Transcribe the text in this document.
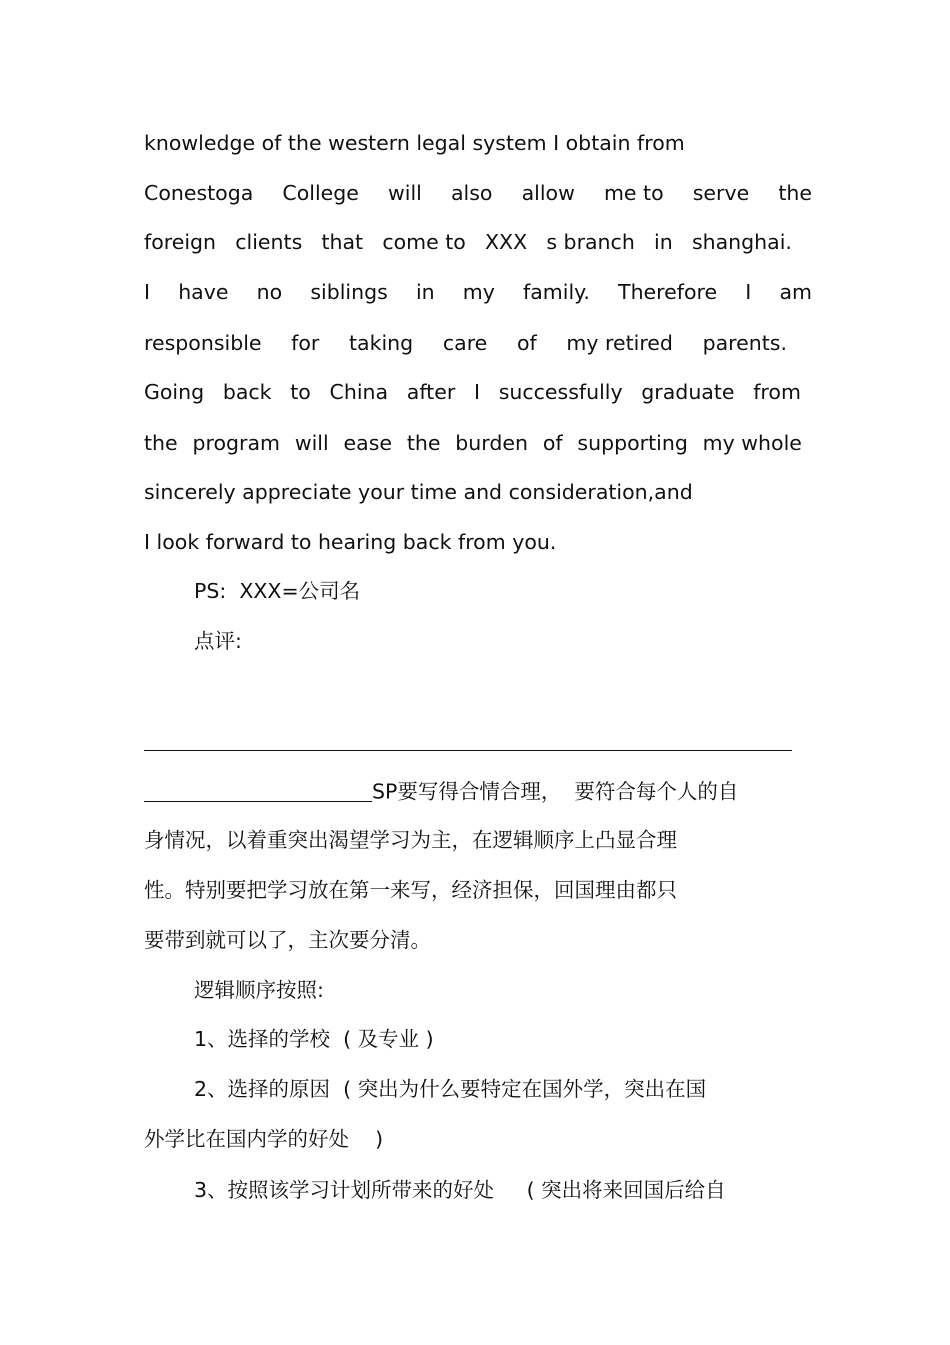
knowledge of the western legal system I obtain from
Conestoga College will also allow me to serve the
foreign clients that come to XXX s branch in shanghai.
I have no siblings in my family. Therefore I am
responsible for taking care of my retired parents.
Going back to China after I successfully graduate from
the program will ease the burden of supporting my whole
sincerely appreciate your time and consideration,and
I look forward to hearing back from you.
PS:  XXX=公司名
点评:
SP要写得合情合理，  要符合每个人的自
身情况，以着重突出渴望学习为主，在逻辑顺序上凸显合理
性。特别要把学习放在第一来写，经济担保，回国理由都只
要带到就可以了，主次要分清。
逻辑顺序按照:
1、选择的学校  ( 及专业 )
2、选择的原因  ( 突出为什么要特定在国外学，突出在国
外学比在国内学的好处    )
3、按照该学习计划所带来的好处     ( 突出将来回国后给自
